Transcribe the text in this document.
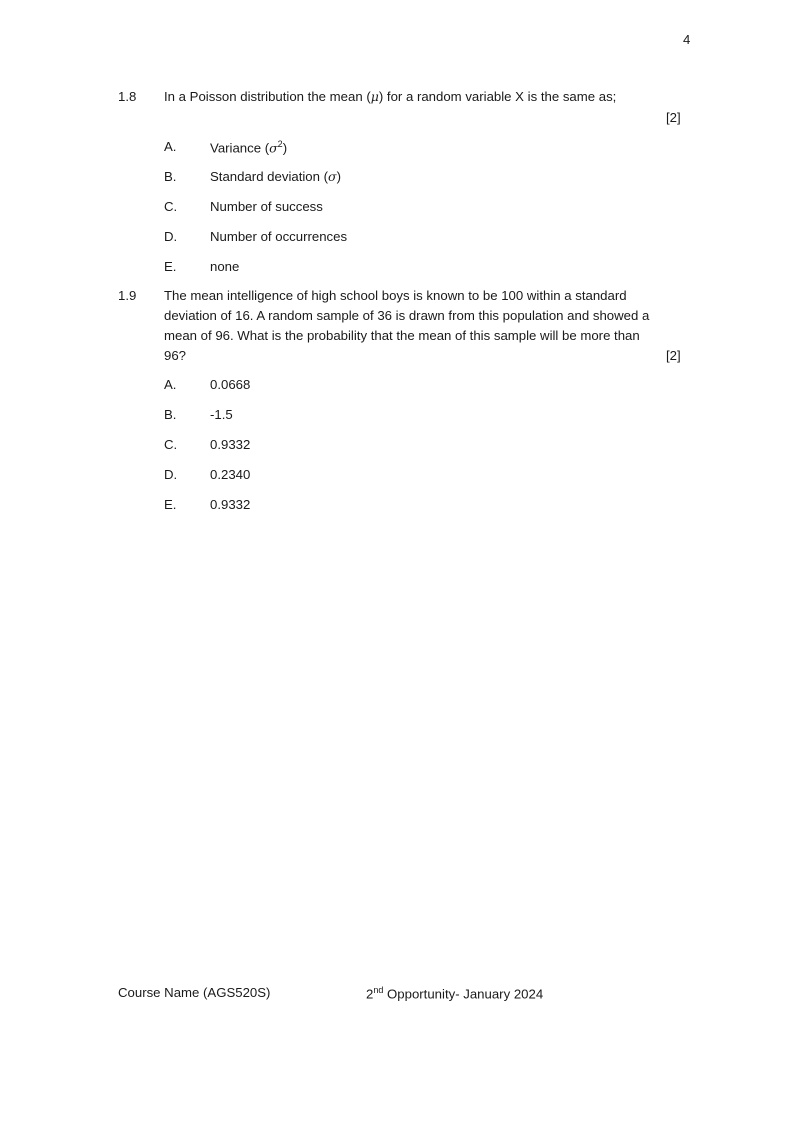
4
1.8 In a Poisson distribution the mean (μ) for a random variable X is the same as;
[2]
A.	Variance $(\sigma^2)$
B.	Standard deviation (σ)
C. Number of success
D. Number of occurrences
E.	none
1.9 The mean intelligence of high school boys is known to be 100 within a standard
deviation of 16. A random sample of 36 is drawn from this population and showed a
mean of 96. What is the probability that the mean of this sample will be more than
96?	[2]
A.	0.0668
B.	-1.5
C. 0.9332
D. 0.2340
E.	0.9332
Course Name (AGS520S)	2nd Opportunity- January 2024
